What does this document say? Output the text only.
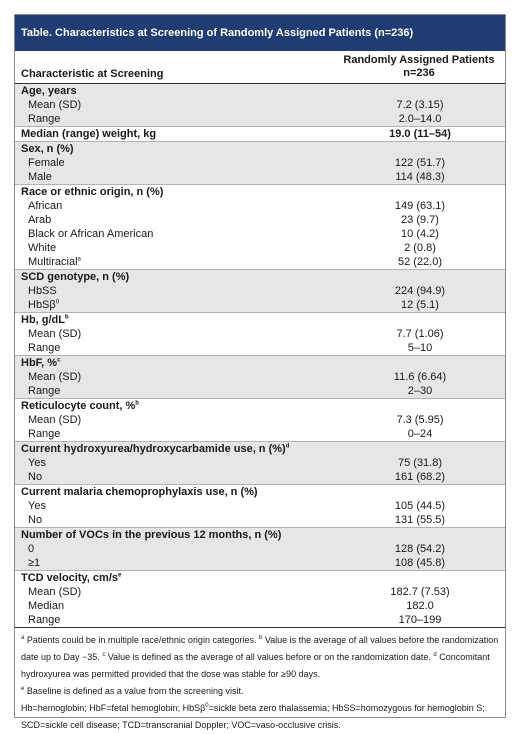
Table. Characteristics at Screening of Randomly Assigned Patients (n=236)
Characteristic at Screening	Randomly Assigned Patients
n=236
Age, years	
Mean (SD)	7.2 (3.15)
Range	2.0–14.0
Median (range) weight, kg	19.0 (11–54)
Sex, n (%)	
Female	122 (51.7)
Male	114 (48.3)
Race or ethnic origin, n (%)	
African	149 (63.1)
Arab	23 (9.7)
Black or African American	10 (4.2)
White	2 (0.8)
Multiracial$^a$	52 (22.0)
SCD genotype, n (%)	
HbSS	224 (94.9)
HbSβ$^0$	12 (5.1)
Hb, $g/dL^b$	
Mean (SD)	7.7 (1.06)
Range	5–10
HbF, %$^c$	
Mean (SD)	11.6 (6.64)
Range	2–30
Reticulocyte count, %$^b$	
Mean (SD)	7.3 (5.95)
Range	0–24
Current hydroxyurea/hydroxycarbamide use, n (%)$^d$	
Yes	75 (31.8)
No	161 (68.2)
Current malaria chemoprophylaxis use, n (%)	
Yes	105 (44.5)
No	131 (55.5)
Number of VOCs in the previous 12 months, n (%)	
0	128 (54.2)
≥1	108 (45.8)
TCD velocity, $cm/s^e$	
Mean (SD)	182.7 (7.53)
Median	182.0
Range	170–199

$^a$ Patients could be in multiple race/ethnic origin categories. $^b$ Value is the average of all values before the randomization date up to Day −35. $^c$ Value is defined as the average of all values before or on the randomization date. $^d$ Concomitant hydroxyurea was permitted provided that the dose was stable for ≥90 days.

$^e$ Baseline is defined as a value from the screening visit.

Hb=hemoglobin; HbF=fetal hemoglobin; HbSβ$^0$=sickle beta zero thalassemia; HbSS=homozygous for hemoglobin S; SCD=sickle cell disease; TCD=transcranial Doppler; VOC=vaso-occlusive crisis.
